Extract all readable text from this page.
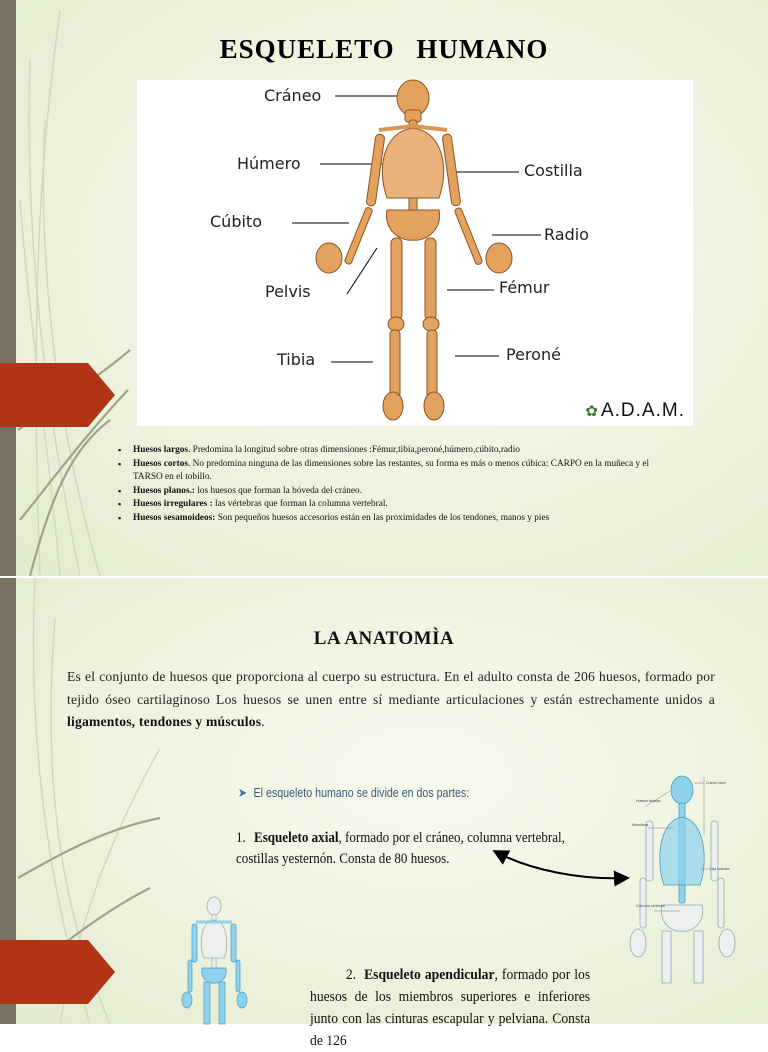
ESQUELETO HUMANO
Cráneo
Húmero	Costilla
Cúbito
Radio
Pelvis	Fémur
Tibia	Peroné
✿ A.D.A.M.
▪ Huesos largos. Predomina la longitud sobre otras dimensiones :Fémur,tibia,peroné,húmero,cúbito,radio
▪ Huesos cortos. No predomina ninguna de las dimensiones sobre las restantes, su forma es más o menos cúbica: CARPO en la muñeca y el TARSO en el tobillo.
▪ Huesos planos.: los huesos que forman la bóveda del cráneo.
▪ Huesos irregulares : las vértebras que forman la columna vertebral.
▪ Huesos sesamoideos: Son pequeños huesos accesorios están en las proximidades de los tendones, manos y pies
LA ANATOMÌA
Es el conjunto de huesos que proporciona al cuerpo su estructura. En el adulto consta de 206 huesos, formado por tejido óseo cartilaginoso Los huesos se unen entre sí mediante articulaciones y están estrechamente unidos a ligamentos, tendones y músculos.
➤ El esqueleto humano se divide en dos partes:
1. Esqueleto axial, formado por el cráneo, columna vertebral, costillas yesternón. Consta de 80 huesos.
2. Esqueleto apendicular, formado por los huesos de los miembros superiores e inferiores junto con las cinturas escapular y pelviana. Consta de 126
Cráneo óseo
Huesos faciales
Mandíbula
Caja torácica
Columna vertebral
